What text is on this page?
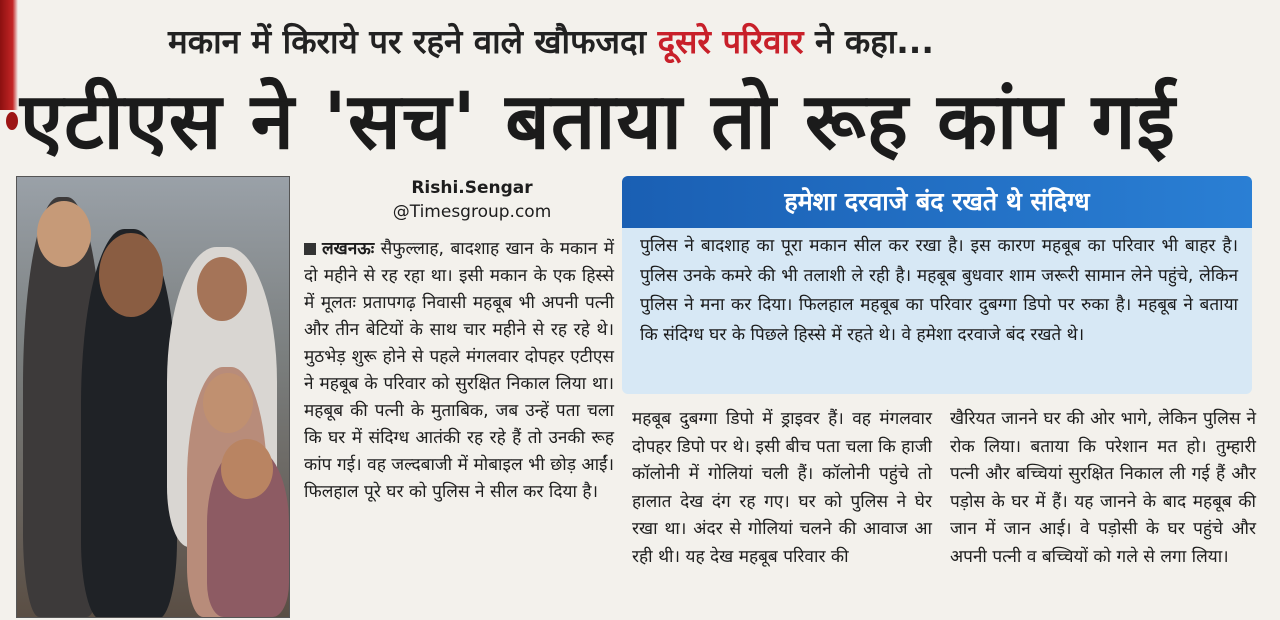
मकान में किराये पर रहने वाले खौफजदा दूसरे परिवार ने कहा...
एटीएस ने 'सच' बताया तो रूह कांप गई
Rishi.Sengar
@Timesgroup.com
लखनऊः सैफुल्लाह, बादशाह खान के मकान में दो महीने से रह रहा था। इसी मकान के एक हिस्से में मूलतः प्रतापगढ़ निवासी महबूब भी अपनी पत्नी और तीन बेटियों के साथ चार महीने से रह रहे थे। मुठभेड़ शुरू होने से पहले मंगलवार दोपहर एटीएस ने महबूब के परिवार को सुरक्षित निकाल लिया था। महबूब की पत्नी के मुताबिक, जब उन्हें पता चला कि घर में संदिग्ध आतंकी रह रहे हैं तो उनकी रूह कांप गई। वह जल्दबाजी में मोबाइल भी छोड़ आईं। फिलहाल पूरे घर को पुलिस ने सील कर दिया है।
हमेशा दरवाजे बंद रखते थे संदिग्ध
पुलिस ने बादशाह का पूरा मकान सील कर रखा है। इस कारण महबूब का परिवार भी बाहर है। पुलिस उनके कमरे की भी तलाशी ले रही है। महबूब बुधवार शाम जरूरी सामान लेने पहुंचे, लेकिन पुलिस ने मना कर दिया। फिलहाल महबूब का परिवार दुबग्गा डिपो पर रुका है। महबूब ने बताया कि संदिग्ध घर के पिछले हिस्से में रहते थे। वे हमेशा दरवाजे बंद रखते थे।
महबूब दुबग्गा डिपो में ड्राइवर हैं। वह मंगलवार दोपहर डिपो पर थे। इसी बीच पता चला कि हाजी कॉलोनी में गोलियां चली हैं। कॉलोनी पहुंचे तो हालात देख दंग रह गए। घर को पुलिस ने घेर रखा था। अंदर से गोलियां चलने की आवाज आ रही थी। यह देख महबूब परिवार की
खैरियत जानने घर की ओर भागे, लेकिन पुलिस ने रोक लिया। बताया कि परेशान मत हो। तुम्हारी पत्नी और बच्चियां सुरक्षित निकाल ली गई हैं और पड़ोस के घर में हैं। यह जानने के बाद महबूब की जान में जान आई। वे पड़ोसी के घर पहुंचे और अपनी पत्नी व बच्चियों को गले से लगा लिया।
